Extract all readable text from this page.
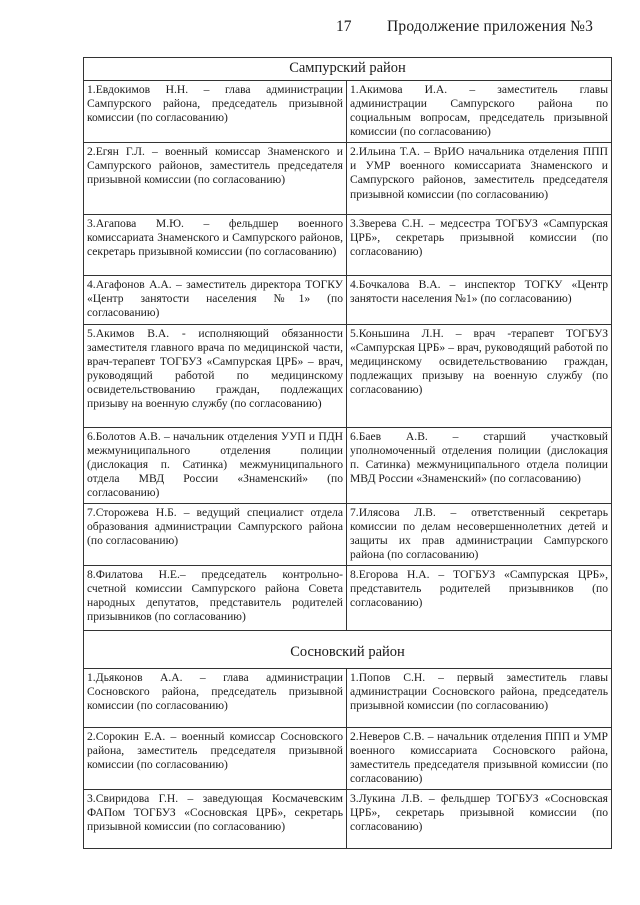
17 Продолжение приложения №3
Сампурский район	
1.Евдокимов Н.Н. – глава администрации Сампурского района, председатель призывной комиссии (по согласованию)	1.Акимова И.А. – заместитель главы администрации Сампурского района по социальным вопросам, председатель призывной комиссии (по согласованию)
2.Егян Г.Л. – военный комиссар Знаменского и Сампурского районов, заместитель председателя призывной комиссии (по согласованию)	2.Ильина Т.А. – ВрИО начальника отделения ППП и УМР военного комиссариата Знаменского и Сампурского районов, заместитель председателя призывной комиссии (по согласованию)
3.Агапова М.Ю. – фельдшер военного комиссариата Знаменского и Сампурского районов, секретарь призывной комиссии (по согласованию)	3.Зверева С.Н. – медсестра ТОГБУЗ «Сампурская ЦРБ», секретарь призывной комиссии (по согласованию)
4.Агафонов А.А. – заместитель директора ТОГКУ «Центр занятости населения №1» (по согласованию)	4.Бочкалова В.А. – инспектор ТОГКУ «Центр занятости населения №1» (по согласованию)
5.Акимов В.А. - исполняющий обязанности заместителя главного врача по медицинской части, врач-терапевт ТОГБУЗ «Сампурская ЦРБ» – врач, руководящий работой по медицинскому освидетельствованию граждан, подлежащих призыву на военную службу (по согласованию)	5.Коньшина Л.Н. – врач -терапевт ТОГБУЗ «Сампурская ЦРБ» – врач, руководящий работой по медицинскому освидетельствованию граждан, подлежащих призыву на военную службу (по согласованию)
6.Болотов А.В. – начальник отделения УУП и ПДН межмуниципального отделения полиции (дислокация п. Сатинка) межмуниципального отдела МВД России «Знаменский» (по согласованию)	6.Баев А.В. – старший участковый уполномоченный отделения полиции (дислокация п. Сатинка) межмуниципального отдела полиции МВД России «Знаменский» (по согласованию)
7.Сторожева Н.Б. – ведущий специалист отдела образования администрации Сампурского района (по согласованию)	7.Илясова Л.В. – ответственный секретарь комиссии по делам несовершеннолетних детей и защиты их прав администрации Сампурского района (по согласованию)
8.Филатова Н.Е.– председатель контрольно-счетной комиссии Сампурского района Совета народных депутатов, представитель родителей призывников (по согласованию)	8.Егорова Н.А. – ТОГБУЗ «Сампурская ЦРБ», представитель родителей призывников (по согласованию)
Сосновский район	
1.Дьяконов А.А. – глава администрации Сосновского района, председатель призывной комиссии (по согласованию)	1.Попов С.Н. – первый заместитель главы администрации Сосновского района, председатель призывной комиссии (по согласованию)
2.Сорокин Е.А. – военный комиссар Сосновского района, заместитель председателя призывной комиссии (по согласованию)	2.Неверов С.В. – начальник отделения ППП и УМР военного комиссариата Сосновского района, заместитель председателя призывной комиссии (по согласованию)
3.Свиридова Г.Н. – заведующая Космачевским ФАПом ТОГБУЗ «Сосновская ЦРБ», секретарь призывной комиссии (по согласованию)	3.Лукина Л.В. – фельдшер ТОГБУЗ «Сосновская ЦРБ», секретарь призывной комиссии (по согласованию)
